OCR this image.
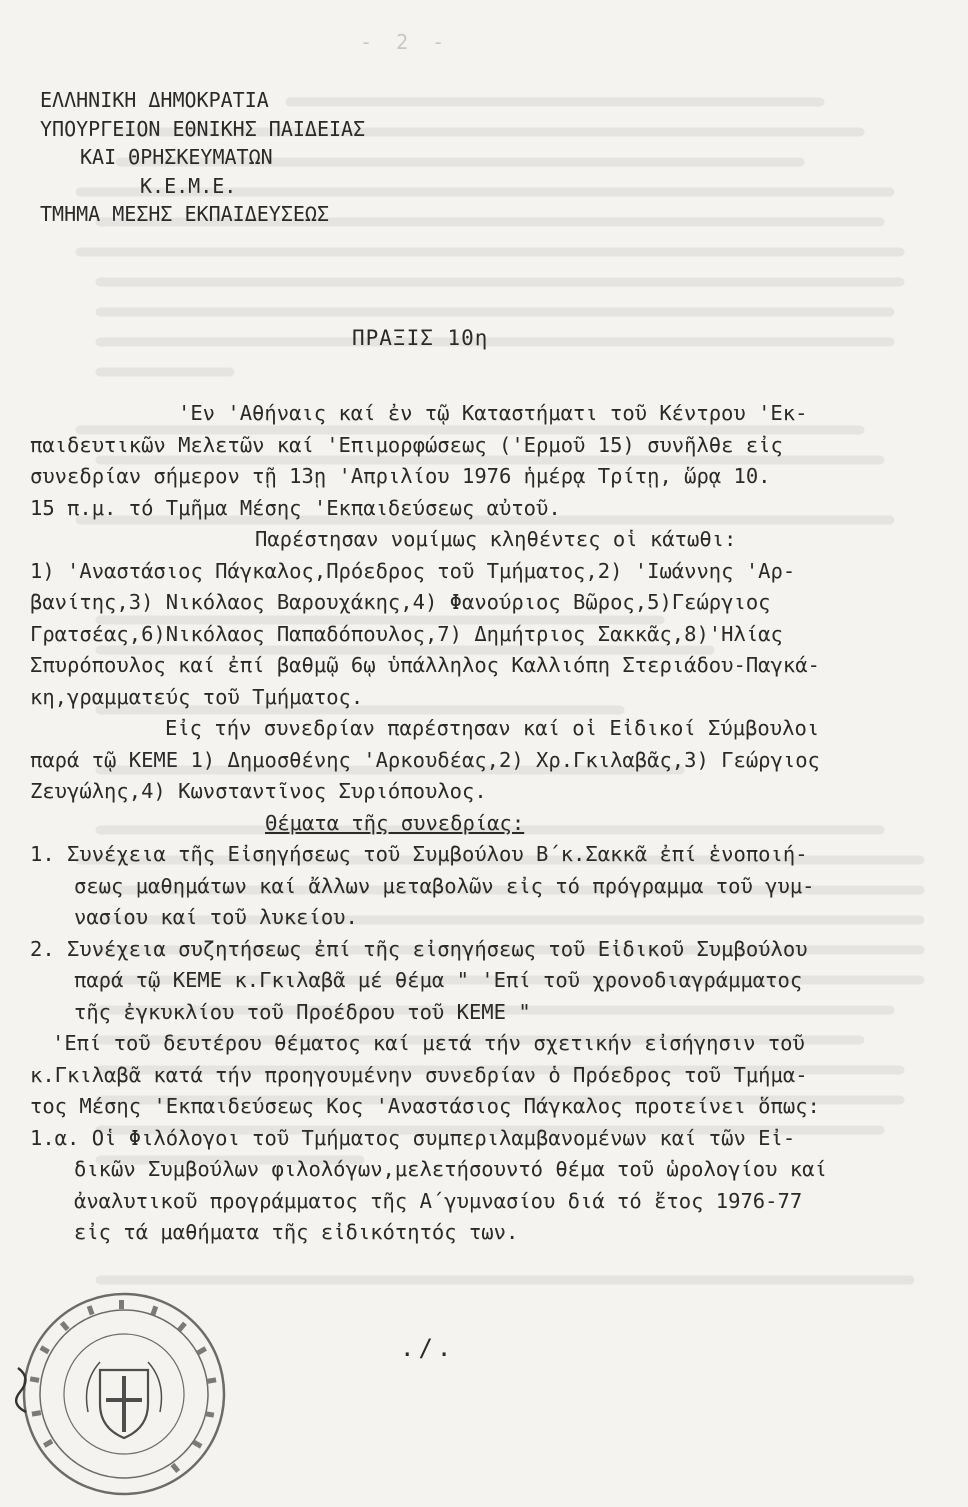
- 2 -
ΕΛΛΗΝΙΚΗ ΔΗΜΟΚΡΑΤΙΑ
ΥΠΟΥΡΓΕΙΟΝ ΕΘΝΙΚΗΣ ΠΑΙΔΕΙΑΣ
ΚΑΙ ΘΡΗΣΚΕΥΜΑΤΩΝ
Κ.Ε.Μ.Ε.
ΤΜΗΜΑ ΜΕΣΗΣ ΕΚΠΑΙΔΕΥΣΕΩΣ
ΠΡΑΞΙΣ 10η

'Εν 'Αθήναις καί ἐν τῷ Καταστήματι τοῦ Κέντρου 'Εκ-

παιδευτικῶν Μελετῶν καί 'Επιμορφώσεως ('Ερμοῦ 15) συνῆλθε εἰς

συνεδρίαν σήμερον τῇ 13ῃ 'Απριλίου 1976 ἡμέρᾳ Τρίτῃ, ὥρᾳ 10.

15 π.μ. τό Τμῆμα Μέσης 'Εκπαιδεύσεως αὐτοῦ.

Παρέστησαν νομίμως κληθέντες οἱ κάτωθι:

1) 'Αναστάσιος Πάγκαλος,Πρόεδρος τοῦ Τμήματος,2) 'Ιωάννης 'Αρ-

βανίτης,3) Νικόλαος Βαρουχάκης,4) Φανούριος Βῶρος,5)Γεώργιος

Γρατσέας,6)Νικόλαος Παπαδόπουλος,7) Δημήτριος Σακκᾶς,8)'Ηλίας

Σπυρόπουλος καί ἐπί βαθμῷ 6ῳ ὑπάλληλος Καλλιόπη Στεριάδου-Παγκά-

κη,γραμματεύς τοῦ Τμήματος.

Εἰς τήν συνεδρίαν παρέστησαν καί οἱ Εἰδικοί Σύμβουλοι

παρά τῷ ΚΕΜΕ 1) Δημοσθένης 'Αρκουδέας,2) Χρ.Γκιλαβᾶς,3) Γεώργιος

Ζευγώλης,4) Κωνσταντῖνος Συριόπουλος.

Θέματα τῆς συνεδρίας:

1. Συνέχεια τῆς Εἰσηγήσεως τοῦ Συμβούλου Β΄κ.Σακκᾶ ἐπί ἑνοποιή-

σεως μαθημάτων καί ἄλλων μεταβολῶν εἰς τό πρόγραμμα τοῦ γυμ-

νασίου καί τοῦ λυκείου.

2. Συνέχεια συζητήσεως ἐπί τῆς εἰσηγήσεως τοῦ Εἰδικοῦ Συμβούλου

παρά τῷ ΚΕΜΕ κ.Γκιλαβᾶ μέ θέμα " 'Επί τοῦ χρονοδιαγράμματος

τῆς ἐγκυκλίου τοῦ Προέδρου τοῦ ΚΕΜΕ "

'Επί τοῦ δευτέρου θέματος καί μετά τήν σχετικήν εἰσήγησιν τοῦ

κ.Γκιλαβᾶ κατά τήν προηγουμένην συνεδρίαν ὁ Πρόεδρος τοῦ Τμήμα-

τος Μέσης 'Εκπαιδεύσεως Κος 'Αναστάσιος Πάγκαλος προτείνει ὅπως:

1.α. Οἱ Φιλόλογοι τοῦ Τμήματος συμπεριλαμβανομένων καί τῶν Εἰ-

δικῶν Συμβούλων φιλολόγων,μελετήσουντό θέμα τοῦ ὡρολογίου καί

ἀναλυτικοῦ προγράμματος τῆς Α΄γυμνασίου διά τό ἔτος 1976-77

εἰς τά μαθήματα τῆς εἰδικότητός των.

./.
